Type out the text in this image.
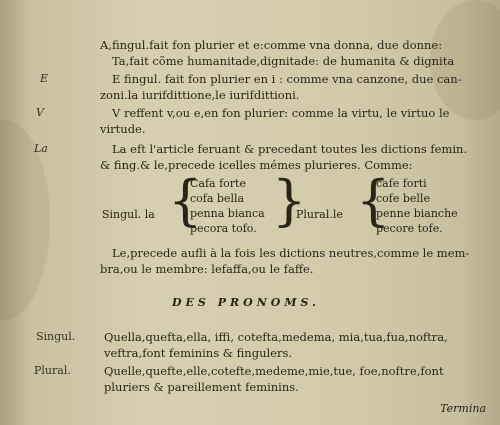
A,fingul.fait fon plurier et e:comme vna donna, due donne:
Ta,fait cõme humanitade,dignitade: de humanita & dignita
E	E fingul. fait fon plurier en i : comme vna canzone, due can-
zoni.la iurifdittione,le iurifdittioni.
V	V reffent v,ou e,en fon plurier: comme la virtu, le virtuo le
virtude.
La	La eft l'article feruant & precedant toutes les dictions femin.
& fing.& le,precede icelles mémes plurieres. Comme:
Singul. la {
Cafa forte
cofa bella
penna bianca
pecora tofo. }
Plural.le {
cafe forti
cofe belle
penne bianche
pecore tofe.
Le,precede aufli à la fois les dictions neutres,comme le mem-
bra,ou le membre: lefaffa,ou le faffe.
DES PRONOMS.
Singul. Quella,quefta,ella, iffi, cotefta,medema, mia,tua,fua,noftra,
veftra,font feminins & fingulers.
Plural.	Quelle,quefte,elle,cotefte,medeme,mie,tue, foe,noftre,font
pluriers & pareillement feminins.
Termina
